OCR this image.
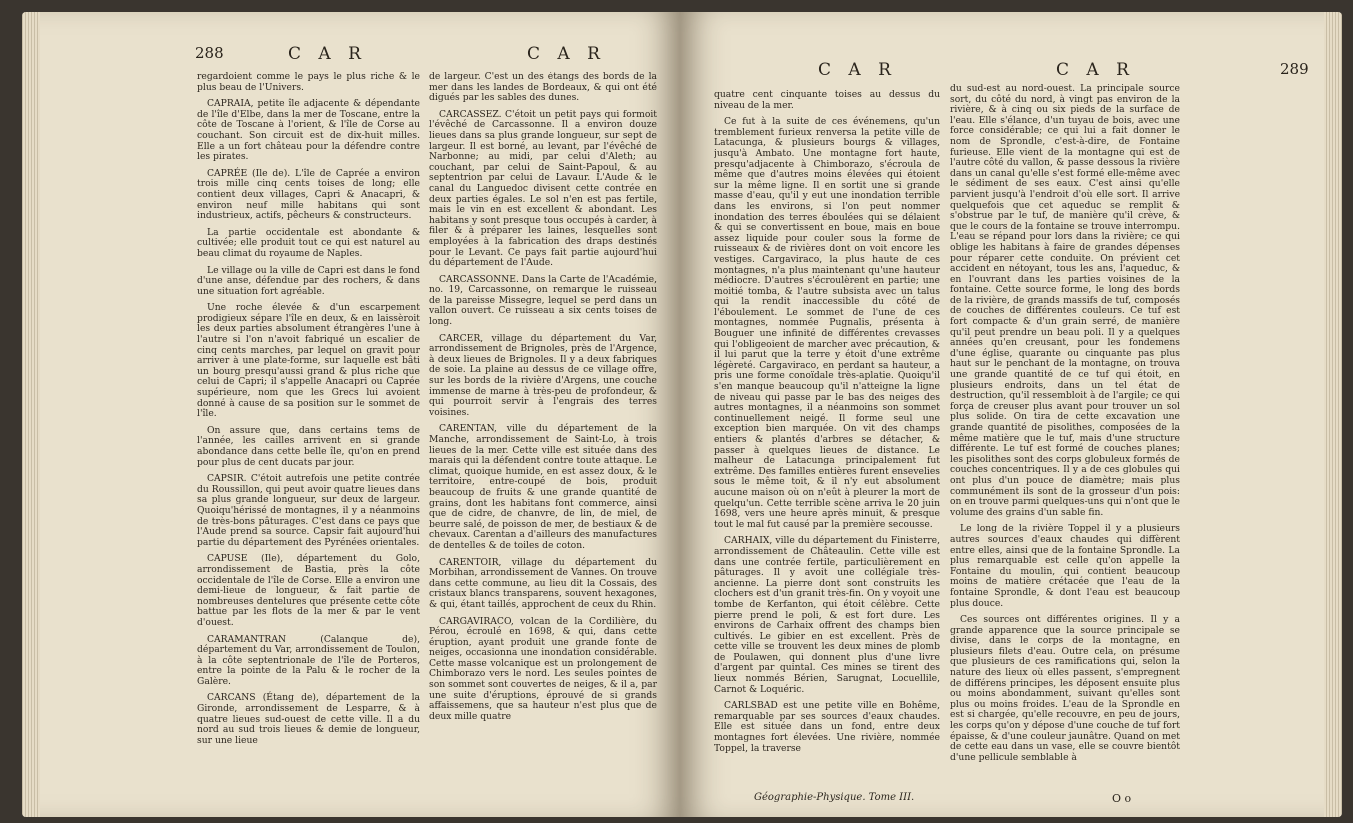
288	C A R	C A R

regardoient comme le pays le plus riche & le plus beau de l'Univers.

CAPRAIA, petite île adjacente & dépendante de l'île d'Elbe, dans la mer de Toscane, entre la côte de Toscane à l'orient, & l'île de Corse au couchant. Son circuit est de dix-huit milles. Elle a un fort château pour la défendre contre les pirates.

CAPRÉE (Ile de). L'île de Caprée a environ trois mille cinq cents toises de long; elle contient deux villages, Capri & Anacapri, & environ neuf mille habitans qui sont industrieux, actifs, pêcheurs & constructeurs.

La partie occidentale est abondante & cultivée; elle produit tout ce qui est naturel au beau climat du royaume de Naples.

Le village ou la ville de Capri est dans le fond d'une anse, défendue par des rochers, & dans une situation fort agréable.

Une roche élevée & d'un escarpement prodigieux sépare l'île en deux, & en laissèroit les deux parties absolument étrangères l'une à l'autre si l'on n'avoit fabriqué un escalier de cinq cents marches, par lequel on gravit pour arriver à une plate-forme, sur laquelle est bâti un bourg presqu'aussi grand & plus riche que celui de Capri; il s'appelle Anacapri ou Caprée supérieure, nom que les Grecs lui avoient donné à cause de sa position sur le sommet de l'île.

On assure que, dans certains tems de l'année, les cailles arrivent en si grande abondance dans cette belle île, qu'on en prend pour plus de cent ducats par jour.

CAPSIR. C'étoit autrefois une petite contrée du Roussillon, qui peut avoir quatre lieues dans sa plus grande longueur, sur deux de largeur. Quoiqu'hérissé de montagnes, il y a néanmoins de très-bons pâturages. C'est dans ce pays que l'Aude prend sa source. Capsir fait aujourd'hui partie du département des Pyrénées orientales.

CAPUSE (Ile), département du Golo, arrondissement de Bastia, près la côte occidentale de l'île de Corse. Elle a environ une demi-lieue de longueur, & fait partie de nombreuses dentelures que présente cette côte battue par les flots de la mer & par le vent d'ouest.

CARAMANTRAN (Calanque de), département du Var, arrondissement de Toulon, à la côte septentrionale de l'île de Porteros, entre la pointe de la Palu & le rocher de la Galère.

CARCANS (Étang de), département de la Gironde, arrondissement de Lesparre, & à quatre lieues sud-ouest de cette ville. Il a du nord au sud trois lieues & demie de longueur, sur une lieue

de largeur. C'est un des étangs des bords de la mer dans les landes de Bordeaux, & qui ont été digués par les sables des dunes.

CARCASSEZ. C'étoit un petit pays qui formoit l'évêché de Carcassonne. Il a environ douze lieues dans sa plus grande longueur, sur sept de largeur. Il est borné, au levant, par l'évêché de Narbonne; au midi, par celui d'Aleth; au couchant, par celui de Saint-Papoul, & au septentrion par celui de Lavaur. L'Aude & le canal du Languedoc divisent cette contrée en deux parties égales. Le sol n'en est pas fertile, mais le vin en est excellent & abondant. Les habitans y sont presque tous occupés à carder, à filer & à préparer les laines, lesquelles sont employées à la fabrication des draps destinés pour le Levant. Ce pays fait partie aujourd'hui du département de l'Aude.

CARCASSONNE. Dans la Carte de l'Académie, no. 19, Carcassonne, on remarque le ruisseau de la pareisse Missegre, lequel se perd dans un vallon ouvert. Ce ruisseau a six cents toises de long.

CARCER, village du département du Var, arrondissement de Brignoles, près de l'Argence, à deux lieues de Brignoles. Il y a deux fabriques de soie. La plaine au dessus de ce village offre, sur les bords de la rivière d'Argens, une couche immense de marne à très-peu de profondeur, & qui pourroit servir à l'engrais des terres voisines.

CARENTAN, ville du département de la Manche, arrondissement de Saint-Lo, à trois lieues de la mer. Cette ville est située dans des marais qui la défendent contre toute attaque. Le climat, quoique humide, en est assez doux, & le territoire, entre-coupé de bois, produit beaucoup de fruits & une grande quantité de grains, dont les habitans font commerce, ainsi que de cidre, de chanvre, de lin, de miel, de beurre salé, de poisson de mer, de bestiaux & de chevaux. Carentan a d'ailleurs des manufactures de dentelles & de toiles de coton.

CARENTOIR, village du département du Morbihan, arrondissement de Vannes. On trouve dans cette commune, au lieu dit la Cossais, des cristaux blancs transparens, souvent hexagones, & qui, étant taillés, approchent de ceux du Rhin.

CARGAVIRACO, volcan de la Cordilière, du Pérou, écroulé en 1698, & qui, dans cette éruption, ayant produit une grande fonte de neiges, occasionna une inondation considérable. Cette masse volcanique est un prolongement de Chimborazo vers le nord. Les seules pointes de son sommet sont couvertes de neiges, & il a, par une suite d'éruptions, éprouvé de si grands affaissemens, que sa hauteur n'est plus que de deux mille quatre

C A R	C A R	289

quatre cent cinquante toises au dessus du niveau de la mer.

Ce fut à la suite de ces événemens, qu'un tremblement furieux renversa la petite ville de Latacunga, & plusieurs bourgs & villages, jusqu'à Ambato. Une montagne fort haute, presqu'adjacente à Chimborazo, s'écroula de même que d'autres moins élevées qui étoient sur la même ligne. Il en sortit une si grande masse d'eau, qu'il y eut une inondation terrible dans les environs, si l'on peut nommer inondation des terres éboulées qui se délaient & qui se convertissent en boue, mais en boue assez liquide pour couler sous la forme de ruisseaux & de rivières dont on voit encore les vestiges. Cargaviraco, la plus haute de ces montagnes, n'a plus maintenant qu'une hauteur médiocre. D'autres s'écroulèrent en partie; une moitié tomba, & l'autre subsista avec un talus qui la rendit inaccessible du côté de l'éboulement. Le sommet de l'une de ces montagnes, nommée Pugnalis, présenta à Bouguer une infinité de différentes crevasses qui l'obligeoient de marcher avec précaution, & il lui parut que la terre y étoit d'une extrême légèreté. Cargaviraco, en perdant sa hauteur, a pris une forme conoïdale très-aplatie. Quoiqu'il s'en manque beaucoup qu'il n'atteigne la ligne de niveau qui passe par le bas des neiges des autres montagnes, il a néanmoins son sommet continuellement neigé. Il forme seul une exception bien marquée. On vit des champs entiers & plantés d'arbres se détacher, & passer à quelques lieues de distance. Le malheur de Latacunga principalement fut extrême. Des familles entières furent ensevelies sous le même toit, & il n'y eut absolument aucune maison où on n'eût à pleurer la mort de quelqu'un. Cette terrible scène arriva le 20 juin 1698, vers une heure après minuit, & presque tout le mal fut causé par la première secousse.

CARHAIX, ville du département du Finisterre, arrondissement de Châteaulin. Cette ville est dans une contrée fertile, particulièrement en pâturages. Il y avoit une collégiale très-ancienne. La pierre dont sont construits les clochers est d'un granit très-fin. On y voyoit une tombe de Kerfanton, qui étoit célèbre. Cette pierre prend le poli, & est fort dure. Les environs de Carhaix offrent des champs bien cultivés. Le gibier en est excellent. Près de cette ville se trouvent les deux mines de plomb de Poulawen, qui donnent plus d'une livre d'argent par quintal. Ces mines se tirent des lieux nommés Bérien, Sarugnat, Locuellile, Carnot & Loquéric.

CARLSBAD est une petite ville en Bohême, remarquable par ses sources d'eaux chaudes. Elle est située dans un fond, entre deux montagnes fort élevées. Une rivière, nommée Toppel, la traverse

du sud-est au nord-ouest. La principale source sort, du côté du nord, à vingt pas environ de la rivière, & à cinq ou six pieds de la surface de l'eau. Elle s'élance, d'un tuyau de bois, avec une force considérable; ce qui lui a fait donner le nom de Sprondle, c'est-à-dire, de Fontaine furieuse. Elle vient de la montagne qui est de l'autre côté du vallon, & passe dessous la rivière dans un canal qu'elle s'est formé elle-même avec le sédiment de ses eaux. C'est ainsi qu'elle parvient jusqu'à l'endroit d'où elle sort. Il arrive quelquefois que cet aqueduc se remplit & s'obstrue par le tuf, de manière qu'il crève, & que le cours de la fontaine se trouve interrompu. L'eau se répand pour lors dans la rivière; ce qui oblige les habitans à faire de grandes dépenses pour réparer cette conduite. On prévient cet accident en nétoyant, tous les ans, l'aqueduc, & en l'ouvrant dans les parties voisines de la fontaine. Cette source forme, le long des bords de la rivière, de grands massifs de tuf, composés de couches de différentes couleurs. Ce tuf est fort compacte & d'un grain serré, de manière qu'il peut prendre un beau poli. Il y a quelques années qu'en creusant, pour les fondemens d'une église, quarante ou cinquante pas plus haut sur le penchant de la montagne, on trouva une grande quantité de ce tuf qui étoit, en plusieurs endroits, dans un tel état de destruction, qu'il ressembloit à de l'argile; ce qui força de creuser plus avant pour trouver un sol plus solide. On tira de cette excavation une grande quantité de pisolithes, composées de la même matière que le tuf, mais d'une structure différente. Le tuf est formé de couches planes; les pisolithes sont des corps globuleux formés de couches concentriques. Il y a de ces globules qui ont plus d'un pouce de diamètre; mais plus communément ils sont de la grosseur d'un pois: on en trouve parmi quelques-uns qui n'ont que le volume des grains d'un sable fin.

Le long de la rivière Toppel il y a plusieurs autres sources d'eaux chaudes qui diffèrent entre elles, ainsi que de la fontaine Sprondle. La plus remarquable est celle qu'on appelle la Fontaine du moulin, qui contient beaucoup moins de matière crétacée que l'eau de la fontaine Sprondle, & dont l'eau est beaucoup plus douce.

Ces sources ont différentes origines. Il y a grande apparence que la source principale se divise, dans le corps de la montagne, en plusieurs filets d'eau. Outre cela, on présume que plusieurs de ces ramifications qui, selon la nature des lieux où elles passent, s'empregnent de différens principes, les déposent ensuite plus ou moins abondamment, suivant qu'elles sont plus ou moins froides. L'eau de la Sprondle en est si chargée, qu'elle recouvre, en peu de jours, les corps qu'on y dépose d'une couche de tuf fort épaisse, & d'une couleur jaunâtre. Quand on met de cette eau dans un vase, elle se couvre bientôt d'une pellicule semblable à

Géographie-Physique. Tome III.	O o
